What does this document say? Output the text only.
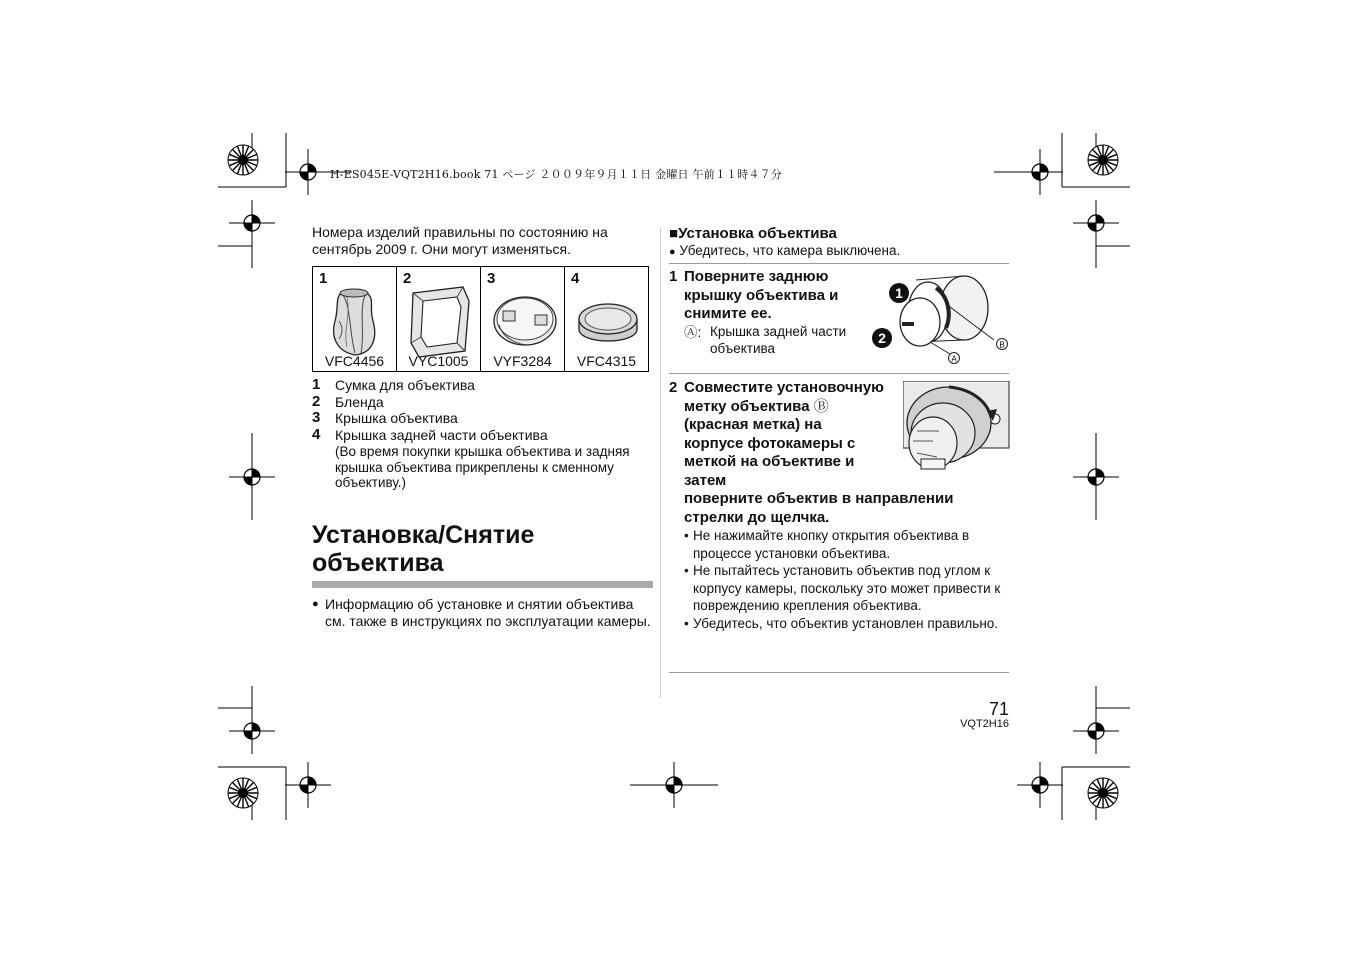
H-ES045E-VQT2H16.book 71 ページ ２００９年９月１１日 金曜日 午前１１時４７分
Номера изделий правильны по состоянию на сентябрь 2009 г. Они могут изменяться.
1
VFC4456

2
VYC1005

3
VYF3284

4
VFC4315
1	Сумка для объектива
2	Бленда
3	Крышка объектива
4	Крышка задней части объектива
(Во время покупки крышка объектива и задняя крышка объектива прикреплены к сменному объективу.)
Установка/Снятие
объектива
● Информацию об установке и снятии объектива см. также в инструкциях по эксплуатации камеры.
■Установка объектива
● Убедитесь, что камера выключена.
1 Поверните заднюю крышку объектива и снимите ее.
Ⓐ: Крышка задней части объектива
1
2
A
B
2 Совместите установочную метку объектива Ⓑ (красная метка) на корпусе фотокамеры с меткой на объективе и затем
поверните объектив в направлении стрелки до щелчка.
• Не нажимайте кнопку открытия объектива в процессе установки объектива.
• Не пытайтесь установить объектив под углом к корпусу камеры, поскольку это может привести к повреждению крепления объектива.
• Убедитесь, что объектив установлен правильно.
71
VQT2H16
